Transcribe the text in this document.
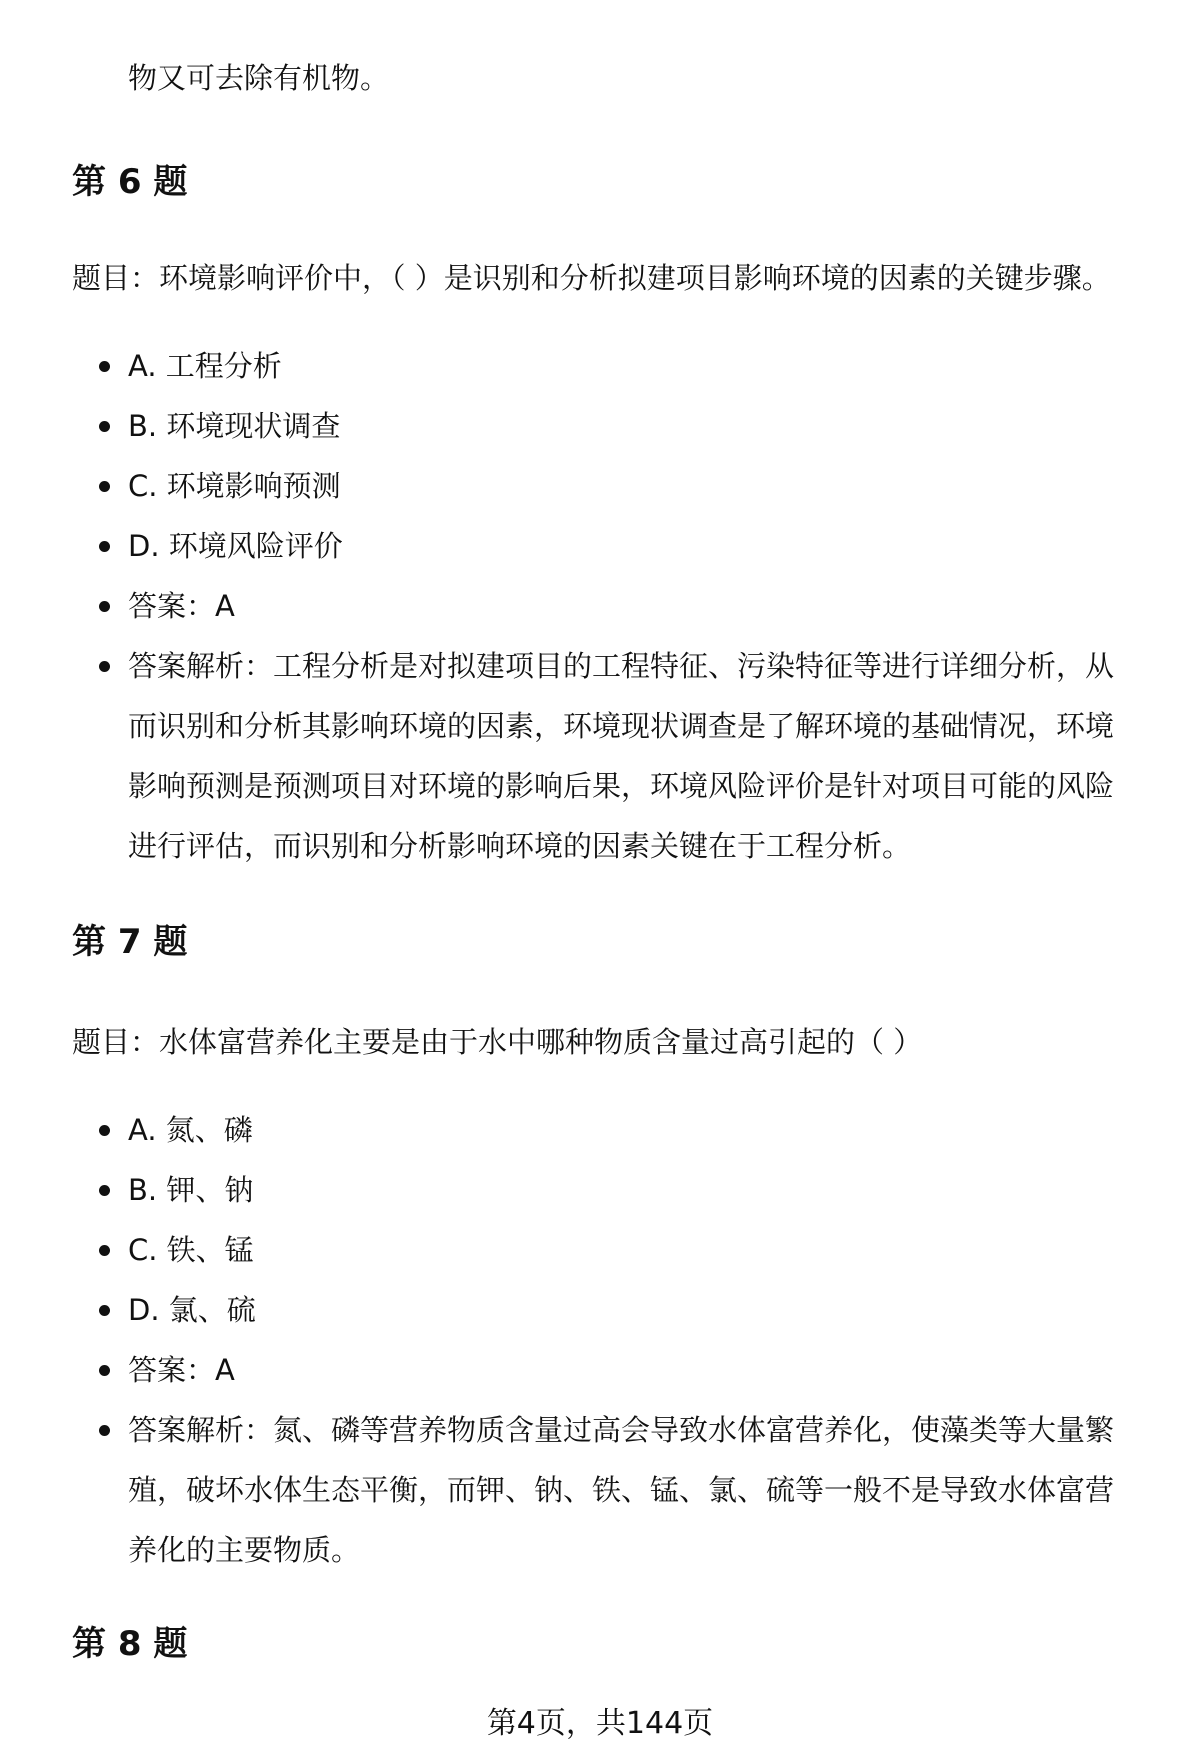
物又可去除有机物。
第 6 题
题目：环境影响评价中，（ ）是识别和分析拟建项目影响环境的因素的关键步骤。
A. 工程分析
B. 环境现状调查
C. 环境影响预测
D. 环境风险评价
答案：A
答案解析：工程分析是对拟建项目的工程特征、污染特征等进行详细分析，从而识别和分析其影响环境的因素，环境现状调查是了解环境的基础情况，环境影响预测是预测项目对环境的影响后果，环境风险评价是针对项目可能的风险进行评估，而识别和分析影响环境的因素关键在于工程分析。
第 7 题
题目：水体富营养化主要是由于水中哪种物质含量过高引起的（ ）
A. 氮、磷
B. 钾、钠
C. 铁、锰
D. 氯、硫
答案：A
答案解析：氮、磷等营养物质含量过高会导致水体富营养化，使藻类等大量繁殖，破坏水体生态平衡，而钾、钠、铁、锰、氯、硫等一般不是导致水体富营养化的主要物质。
第 8 题
第4页，共144页
